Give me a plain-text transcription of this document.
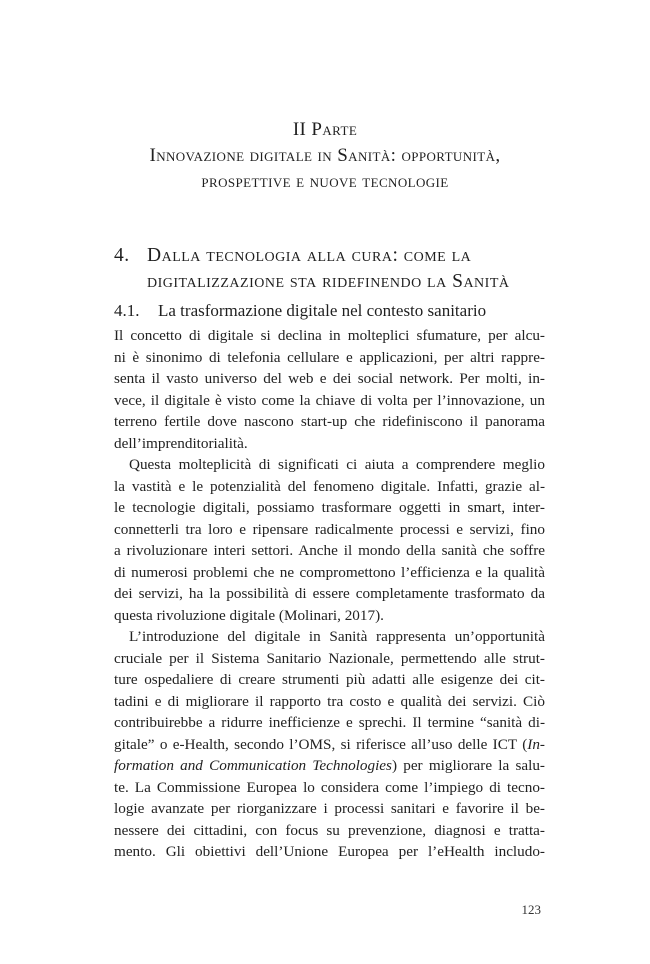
II Parte
Innovazione digitale in Sanità: opportunità,
prospettive e nuove tecnologie
4. Dalla tecnologia alla cura: come la
digitalizzazione sta ridefinendo la Sanità
4.1. La trasformazione digitale nel contesto sanitario
Il concetto di digitale si declina in molteplici sfumature, per alcu-
ni è sinonimo di telefonia cellulare e applicazioni, per altri rappre-
senta il vasto universo del web e dei social network. Per molti, in-
vece, il digitale è visto come la chiave di volta per l’innovazione, un
terreno fertile dove nascono start-up che ridefiniscono il panorama
dell’imprenditorialità.
Questa molteplicità di significati ci aiuta a comprendere meglio
la vastità e le potenzialità del fenomeno digitale. Infatti, grazie al-
le tecnologie digitali, possiamo trasformare oggetti in smart, inter-
connetterli tra loro e ripensare radicalmente processi e servizi, fino
a rivoluzionare interi settori. Anche il mondo della sanità che soffre
di numerosi problemi che ne compromettono l’efficienza e la qualità
dei servizi, ha la possibilità di essere completamente trasformato da
questa rivoluzione digitale (Molinari, 2017).
L’introduzione del digitale in Sanità rappresenta un’opportunità
cruciale per il Sistema Sanitario Nazionale, permettendo alle strut-
ture ospedaliere di creare strumenti più adatti alle esigenze dei cit-
tadini e di migliorare il rapporto tra costo e qualità dei servizi. Ciò
contribuirebbe a ridurre inefficienze e sprechi. Il termine “sanità di-
gitale” o e-Health, secondo l’OMS, si riferisce all’uso delle ICT (In-
formation and Communication Technologies) per migliorare la salu-
te. La Commissione Europea lo considera come l’impiego di tecno-
logie avanzate per riorganizzare i processi sanitari e favorire il be-
nessere dei cittadini, con focus su prevenzione, diagnosi e tratta-
mento. Gli obiettivi dell’Unione Europea per l’eHealth includo-
123
